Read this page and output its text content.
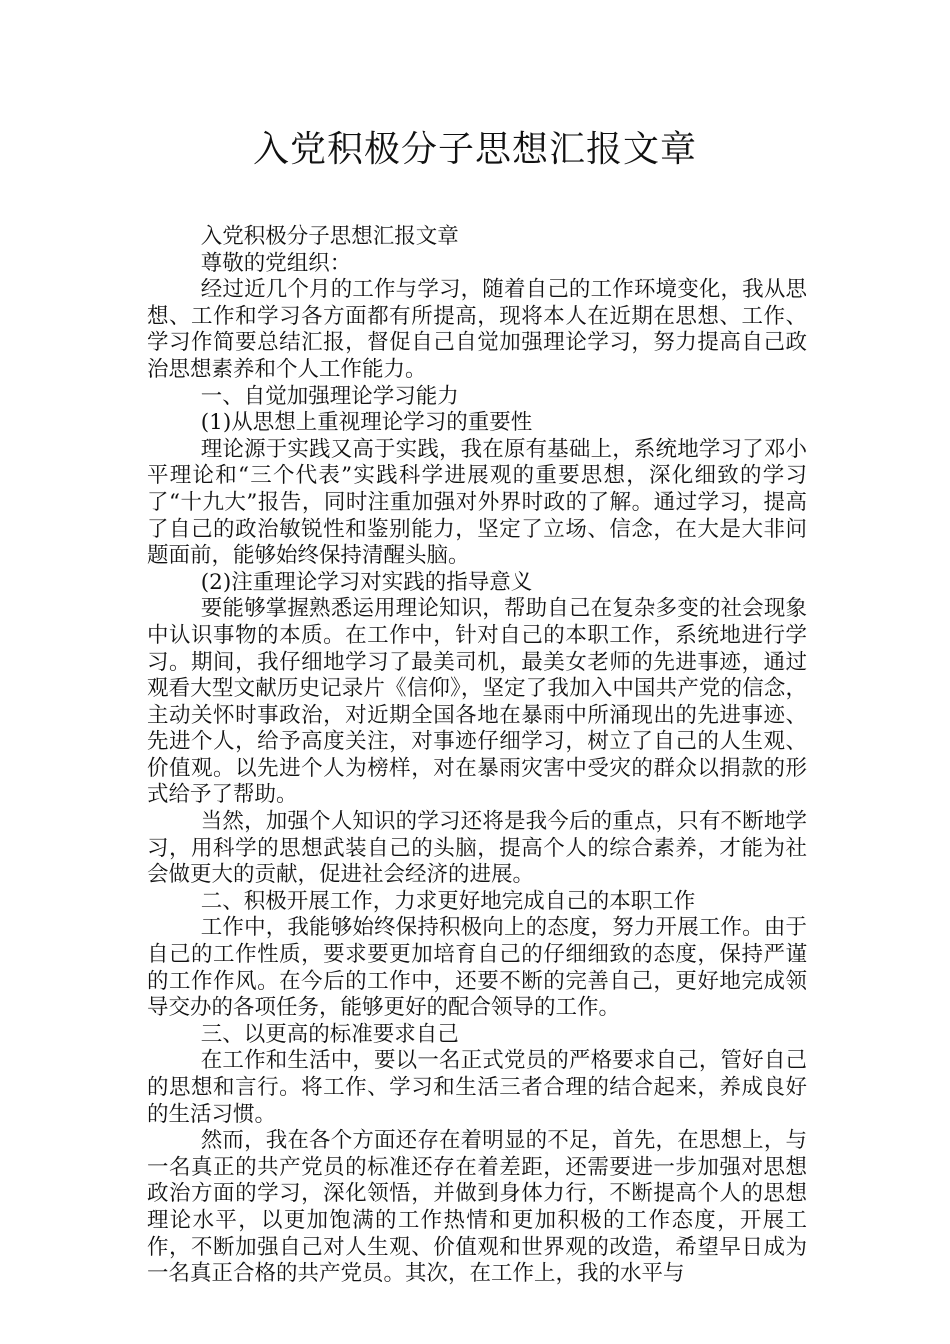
入党积极分子思想汇报文章

入党积极分子思想汇报文章

尊敬的党组织：

经过近几个月的工作与学习，随着自己的工作环境变化，我从思想、工作和学习各方面都有所提高，现将本人在近期在思想、工作、学习作简要总结汇报，督促自己自觉加强理论学习，努力提高自己政治思想素养和个人工作能力。

一、自觉加强理论学习能力

(1)从思想上重视理论学习的重要性

理论源于实践又高于实践，我在原有基础上，系统地学习了邓小平理论和“三个代表”实践科学进展观的重要思想，深化细致的学习了“十九大”报告，同时注重加强对外界时政的了解。通过学习，提高了自己的政治敏锐性和鉴别能力，坚定了立场、信念，在大是大非问题面前，能够始终保持清醒头脑。

(2)注重理论学习对实践的指导意义

要能够掌握熟悉运用理论知识，帮助自己在复杂多变的社会现象中认识事物的本质。在工作中，针对自己的本职工作，系统地进行学习。期间，我仔细地学习了最美司机，最美女老师的先进事迹，通过观看大型文献历史记录片《信仰》，坚定了我加入中国共产党的信念，主动关怀时事政治，对近期全国各地在暴雨中所涌现出的先进事迹、先进个人，给予高度关注，对事迹仔细学习，树立了自己的人生观、价值观。以先进个人为榜样，对在暴雨灾害中受灾的群众以捐款的形式给予了帮助。

当然，加强个人知识的学习还将是我今后的重点，只有不断地学习，用科学的思想武装自己的头脑，提高个人的综合素养，才能为社会做更大的贡献，促进社会经济的进展。

二、积极开展工作，力求更好地完成自己的本职工作

工作中，我能够始终保持积极向上的态度，努力开展工作。由于自己的工作性质，要求要更加培育自己的仔细细致的态度，保持严谨的工作作风。在今后的工作中，还要不断的完善自己，更好地完成领导交办的各项任务，能够更好的配合领导的工作。

三、以更高的标准要求自己

在工作和生活中，要以一名正式党员的严格要求自己，管好自己的思想和言行。将工作、学习和生活三者合理的结合起来，养成良好的生活习惯。

然而，我在各个方面还存在着明显的不足，首先，在思想上，与一名真正的共产党员的标准还存在着差距，还需要进一步加强对思想政治方面的学习，深化领悟，并做到身体力行，不断提高个人的思想理论水平，以更加饱满的工作热情和更加积极的工作态度，开展工作，不断加强自己对人生观、价值观和世界观的改造，希望早日成为一名真正合格的共产党员。其次，在工作上，我的水平与
